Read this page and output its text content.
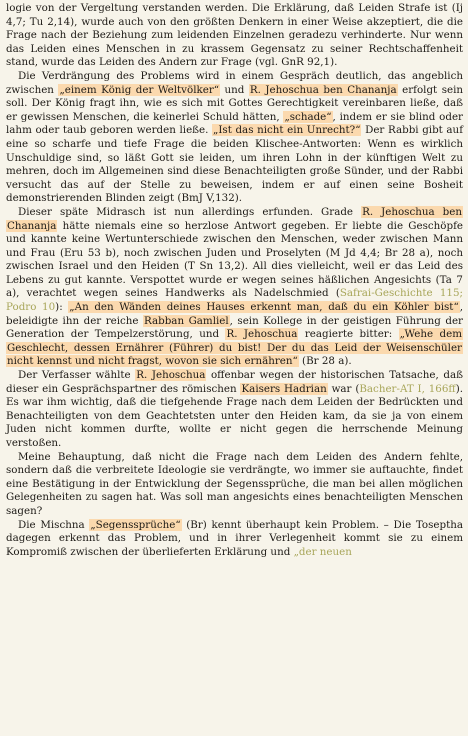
logie von der Vergeltung verstanden werden. Die Erklärung, daß Leiden Strafe ist (Ij 4,7; Tu 2,14), wurde auch von den größten Denkern in einer Weise akzeptiert, die die Frage nach der Beziehung zum leidenden Einzelnen geradezu verhinderte. Nur wenn das Leiden eines Menschen in zu krassem Gegensatz zu seiner Rechtschaffenheit stand, wurde das Leiden des Andern zur Frage (vgl. GnR 92,1).

Die Verdrängung des Problems wird in einem Gespräch deutlich, das angeblich zwischen „einem König der Weltvölker“ und R. Jehoschua ben Chananja erfolgt sein soll. Der König fragt ihn, wie es sich mit Gottes Gerechtigkeit vereinbaren ließe, daß er gewissen Menschen, die keinerlei Schuld hätten, „schade“, indem er sie blind oder lahm oder taub geboren werden ließe. „Ist das nicht ein Unrecht?“ Der Rabbi gibt auf eine so scharfe und tiefe Frage die beiden Klischee-Antworten: Wenn es wirklich Unschuldige sind, so läßt Gott sie leiden, um ihren Lohn in der künftigen Welt zu mehren, doch im Allgemeinen sind diese Benachteiligten große Sünder, und der Rabbi versucht das auf der Stelle zu beweisen, indem er auf einen seine Bosheit demonstrierenden Blinden zeigt (BmJ V,132).

Dieser späte Midrasch ist nun allerdings erfunden. Grade R. Jehoschua ben Chananja hätte niemals eine so herzlose Antwort gegeben. Er liebte die Geschöpfe und kannte keine Wertunterschiede zwischen den Menschen, weder zwischen Mann und Frau (Eru 53 b), noch zwischen Juden und Proselyten (M Jd 4,4; Br 28 a), noch zwischen Israel und den Heiden (T Sn 13,2). All dies vielleicht, weil er das Leid des Lebens zu gut kannte. Verspottet wurde er wegen seines häßlichen Angesichts (Ta 7 a), verachtet wegen seines Handwerks als Nadelschmied (Safrai-Geschichte 115; Podro 10): „An den Wänden deines Hauses erkennt man, daß du ein Köhler bist“, beleidigte ihn der reiche Rabban Gamliel, sein Kollege in der geistigen Führung der Generation der Tempelzerstörung, und R. Jehoschua reagierte bitter: „Wehe dem Geschlecht, dessen Ernährer (Führer) du bist! Der du das Leid der Weisenschüler nicht kennst und nicht fragst, wovon sie sich ernähren“ (Br 28 a).

Der Verfasser wählte R. Jehoschua offenbar wegen der historischen Tatsache, daß dieser ein Gesprächspartner des römischen Kaisers Hadrian war (Bacher-AT I, 166ff). Es war ihm wichtig, daß die tiefgehende Frage nach dem Leiden der Bedrückten und Benachteiligten von dem Geachtetsten unter den Heiden kam, da sie ja von einem Juden nicht kommen durfte, wollte er nicht gegen die herrschende Meinung verstoßen.

Meine Behauptung, daß nicht die Frage nach dem Leiden des Andern fehlte, sondern daß die verbreitete Ideologie sie verdrängte, wo immer sie auftauchte, findet eine Bestätigung in der Entwicklung der Segenssprüche, die man bei allen möglichen Gelegenheiten zu sagen hat. Was soll man angesichts eines benachteiligten Menschen sagen?

Die Mischna „Segenssprüche“ (Br) kennt überhaupt kein Problem. – Die Toseptha dagegen erkennt das Problem, und in ihrer Verlegenheit kommt sie zu einem Kompromiß zwischen der überlieferten Erklärung und „der neuen
